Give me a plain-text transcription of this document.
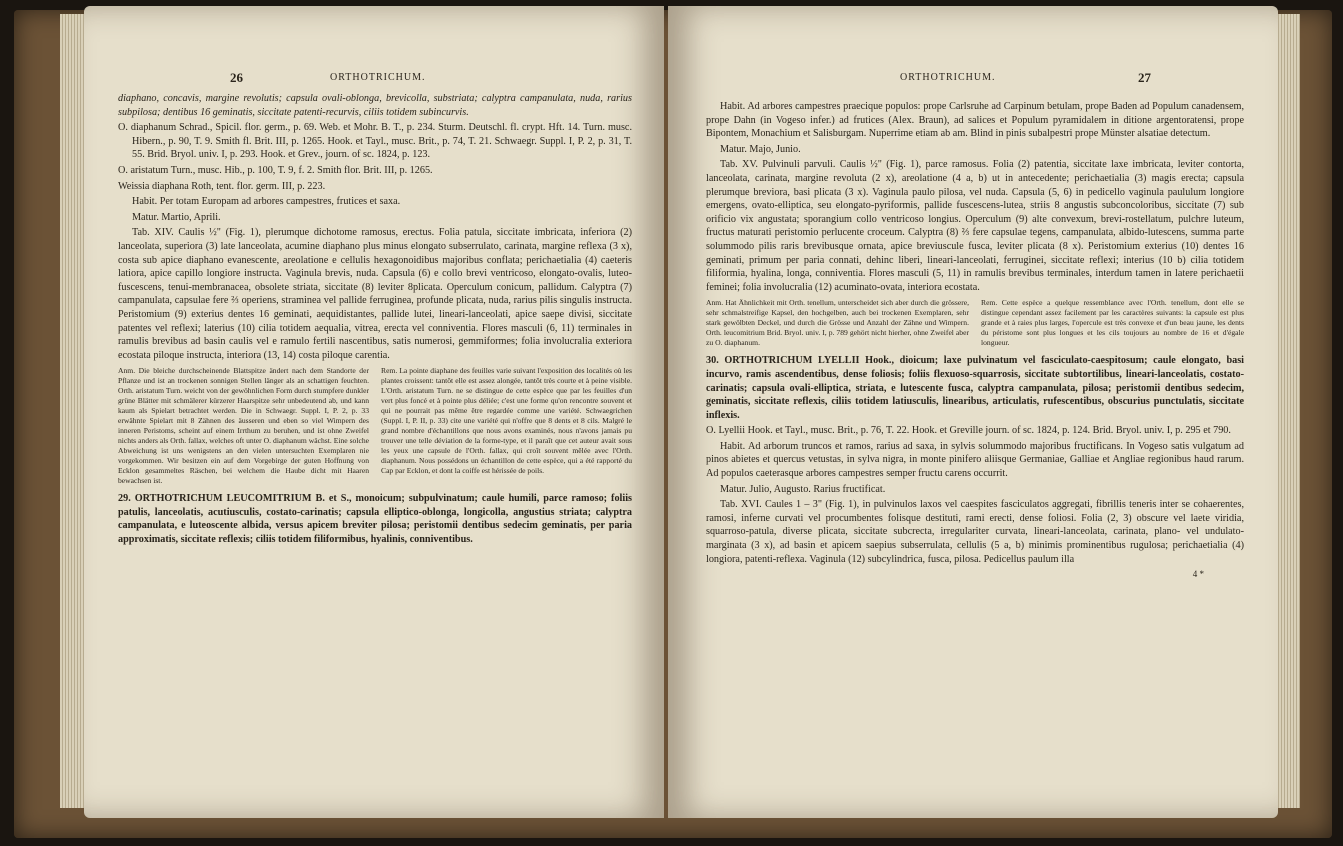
26	ORTHOTRICHUM.	ORTHOTRICHUM.	27

diaphano, concavis, margine revolutis; capsula ovali-oblonga, brevicolla, substriata; calyptra campanulata, nuda, rarius subpilosa; dentibus 16 geminatis, siccitate patenti-recurvis, ciliis totidem subincurvis.

O. diaphanum Schrad., Spicil. flor. germ., p. 69. Web. et Mohr. B. T., p. 234. Sturm. Deutschl. fl. crypt. Hft. 14. Turn. musc. Hibern., p. 90, T. 9. Smith fl. Brit. III, p. 1265. Hook. et Tayl., musc. Brit., p. 74, T. 21. Schwaegr. Suppl. I, P. 2, p. 31, T. 55. Brid. Bryol. univ. I, p. 293. Hook. et Grev., journ. of sc. 1824, p. 123.

O. aristatum Turn., musc. Hib., p. 100, T. 9, f. 2. Smith flor. Brit. III, p. 1265.

Weissia diaphana Roth, tent. flor. germ. III, p. 223.

Habit. Per totam Europam ad arbores campestres, frutices et saxa.

Matur. Martio, Aprili.

Tab. XIV. Caulis ½" (Fig. 1), plerumque dichotome ramosus, erectus. Folia patula, siccitate imbricata, inferiora (2) lanceolata, superiora (3) late lanceolata, acumine diaphano plus minus elongato subserrulato, carinata, margine reflexa (3 x), costa sub apice diaphano evanescente, areolatione e cellulis hexagonoidibus majoribus conflata; perichaetialia (4) caeteris latiora, apice capillo longiore instructa. Vaginula brevis, nuda. Capsula (6) e collo brevi ventricoso, elongato-ovalis, luteo-fuscescens, tenui-membranacea, obsolete striata, siccitate (8) leviter 8plicata. Operculum conicum, pallidum. Calyptra (7) campanulata, capsulae fere ⅔ operiens, straminea vel pallide ferruginea, profunde plicata, nuda, rarius pilis singulis instructa. Peristomium (9) exterius dentes 16 geminati, aequidistantes, pallide lutei, lineari-lanceolati, apice saepe divisi, siccitate patentes vel reflexi; laterius (10) cilia totidem aequalia, vitrea, erecta vel conniventia. Flores masculi (6, 11) terminales in ramulis brevibus ad basin caulis vel e ramulo fertili nascentibus, satis numerosi, gemmiformes; folia involucralia exteriora ecostata piloque instructa, interiora (13, 14) costa piloque carentia.

Anm. Die bleiche durchscheinende Blattspitze ändert nach dem Standorte der Pflanze und ist an trockenen sonnigen Stellen länger als an schattigen feuchten. Orth. aristatum Turn. weicht von der gewöhnlichen Form durch stumpfere dunkler grüne Blätter mit schmälerer kürzerer Haarspitze sehr unbedeutend ab, und kann kaum als Spielart betrachtet werden. Die in Schwaegr. Suppl. I, P. 2, p. 33 erwähnte Spielart mit 8 Zähnen des äusseren und eben so viel Wimpern des inneren Peristoms, scheint auf einem Irrthum zu beruhen, und ist ohne Zweifel nichts anders als Orth. fallax, welches oft unter O. diaphanum wächst. Eine solche Abweichung ist uns wenigstens an den vielen untersuchten Exemplaren nie vorgekommen. Wir besitzen ein auf dem Vorgebirge der guten Hoffnung von Ecklon gesammeltes Räschen, bei welchem die Haube dicht mit Haaren bewachsen ist.
Rem. La pointe diaphane des feuilles varie suivant l'exposition des localités où les plantes croissent: tantôt elle est assez alongée, tantôt très courte et à peine visible. L'Orth. aristatum Turn. ne se distingue de cette espèce que par les feuilles d'un vert plus foncé et à pointe plus déliée; c'est une forme qu'on rencontre souvent et qui ne pourrait pas même être regardée comme une variété. Schwaegrichen (Suppl. I, P. II, p. 33) cite une variété qui n'offre que 8 dents et 8 cils. Malgré le grand nombre d'échantillons que nous avons examinés, nous n'avons jamais pu trouver une telle déviation de la forme-type, et il paraît que cet auteur avait sous les yeux une capsule de l'Orth. fallax, qui croît souvent mêlée avec l'Orth. diaphanum. Nous possédons un échantillon de cette espèce, qui a été rapporté du Cap par Ecklon, et dont la coiffe est hérissée de poils.

29. ORTHOTRICHUM LEUCOMITRIUM B. et S., monoicum; subpulvinatum; caule humili, parce ramoso; foliis patulis, lanceolatis, acutiusculis, costato-carinatis; capsula elliptico-oblonga, longicolla, angustius striata; calyptra campanulata, e luteoscente albida, versus apicem breviter pilosa; peristomii dentibus sedecim geminatis, per paria approximatis, siccitate reflexis; ciliis totidem filiformibus, hyalinis, conniventibus.

Habit. Ad arbores campestres praecique populos: prope Carlsruhe ad Carpinum betulam, prope Baden ad Populum canadensem, prope Dahn (in Vogeso infer.) ad frutices (Alex. Braun), ad salices et Populum pyramidalem in ditione argentoratensi, prope Bipontem, Monachium et Salisburgam. Nuperrime etiam ab am. Blind in pinis subalpestri prope Münster alsatiae detectum.

Matur. Majo, Junio.

Tab. XV. Pulvinuli parvuli. Caulis ½" (Fig. 1), parce ramosus. Folia (2) patentia, siccitate laxe imbricata, leviter contorta, lanceolata, carinata, margine revoluta (2 x), areolatione (4 a, b) ut in antecedente; perichaetialia (3) magis erecta; capsula plerumque breviora, basi plicata (3 x). Vaginula paulo pilosa, vel nuda. Capsula (5, 6) in pedicello vaginula paululum longiore emergens, ovato-elliptica, seu elongato-pyriformis, pallide fuscescens-lutea, striis 8 angustis subconcoloribus, siccitate (7) sub orificio vix angustata; sporangium collo ventricoso longius. Operculum (9) alte convexum, brevi-rostellatum, pulchre luteum, fructus maturati peristomio perlucente croceum. Calyptra (8) ⅔ fere capsulae tegens, campanulata, albido-lutescens, summa parte solummodo pilis raris brevibusque ornata, apice breviuscule fusca, leviter plicata (8 x). Peristomium exterius (10) dentes 16 geminati, primum per paria connati, dehinc liberi, lineari-lanceolati, ferruginei, siccitate reflexi; interius (10 b) cilia totidem filiformia, hyalina, longa, conniventia. Flores masculi (5, 11) in ramulis brevibus terminales, interdum tamen in latere perichaetii feminei; folia involucralia (12) acuminato-ovata, interiora ecostata.

Anm. Hat Ähnlichkeit mit Orth. tenellum, unterscheidet sich aber durch die grössere, sehr schmalstreifige Kapsel, den hochgelben, auch bei trockenen Exemplaren, sehr stark gewölbten Deckel, und durch die Grösse und Anzahl der Zähne und Wimpern. Orth. leucomitrium Brid. Bryol. univ. I, p. 789 gehört nicht hierher, ohne Zweifel aber zu O. diaphanum.
Rem. Cette espèce a quelque ressemblance avec l'Orth. tenellum, dont elle se distingue cependant assez facilement par les caractères suivants: la capsule est plus grande et à raies plus larges, l'opercule est très convexe et d'un beau jaune, les dents du péristome sont plus longues et les cils toujours au nombre de 16 et d'égale longueur.

30. ORTHOTRICHUM LYELLII Hook., dioicum; laxe pulvinatum vel fasciculato-caespitosum; caule elongato, basi incurvo, ramis ascendentibus, dense foliosis; foliis flexuoso-squarrosis, siccitate subtortilibus, lineari-lanceolatis, costato-carinatis; capsula ovali-elliptica, striata, e lutescente fusca, calyptra campanulata, pilosa; peristomii dentibus sedecim, geminatis, siccitate reflexis, ciliis totidem latiusculis, linearibus, articulatis, rufescentibus, obscurius punctulatis, siccitate inflexis.

O. Lyellii Hook. et Tayl., musc. Brit., p. 76, T. 22. Hook. et Greville journ. of sc. 1824, p. 124. Brid. Bryol. univ. I, p. 295 et 790.

Habit. Ad arborum truncos et ramos, rarius ad saxa, in sylvis solummodo majoribus fructificans. In Vogeso satis vulgatum ad pinos abietes et quercus vetustas, in sylva nigra, in monte pinifero aliisque Germaniae, Galliae et Angliae regionibus haud rarum. Ad populos caeterasque arbores campestres semper fructu carens occurrit.

Matur. Julio, Augusto. Rarius fructificat.

Tab. XVI. Caules 1 – 3" (Fig. 1), in pulvinulos laxos vel caespites fasciculatos aggregati, fibrillis teneris inter se cohaerentes, ramosi, inferne curvati vel procumbentes folisque destituti, rami erecti, dense foliosi. Folia (2, 3) obscure vel laete viridia, squarroso-patula, diverse plicata, siccitate subcrecta, irregulariter curvata, lineari-lanceolata, carinata, plano- vel undulato-marginata (3 x), ad basin et apicem saepius subserrulata, cellulis (5 a, b) minimis prominentibus rugulosa; perichaetialia (4) longiora, patenti-reflexa. Vaginula (12) subcylindrica, fusca, pilosa. Pedicellus paulum illa

4 *
